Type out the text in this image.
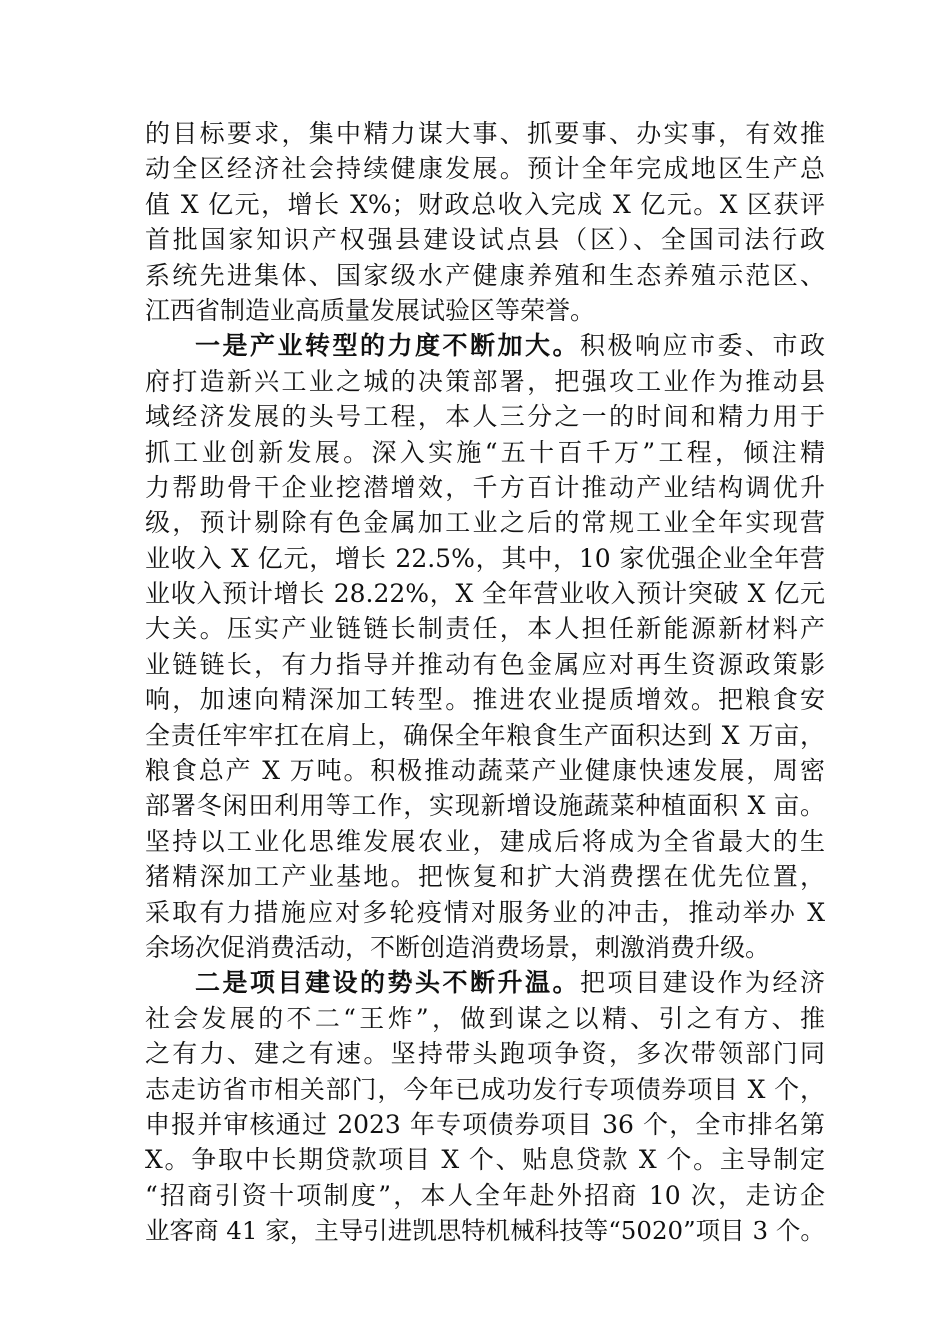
的目标要求，集中精力谋大事、抓要事、办实事，有效推
动全区经济社会持续健康发展。预计全年完成地区生产总
值 X 亿元，增长 X%；财政总收入完成 X 亿元。X 区获评
首批国家知识产权强县建设试点县（区）、全国司法行政
系统先进集体、国家级水产健康养殖和生态养殖示范区、
江西省制造业高质量发展试验区等荣誉。
一是产业转型的力度不断加大。积极响应市委、市政
府打造新兴工业之城的决策部署，把强攻工业作为推动县
域经济发展的头号工程，本人三分之一的时间和精力用于
抓工业创新发展。深入实施“五十百千万”工程，倾注精
力帮助骨干企业挖潜增效，千方百计推动产业结构调优升
级，预计剔除有色金属加工业之后的常规工业全年实现营
业收入 X 亿元，增长 22.5%，其中，10 家优强企业全年营
业收入预计增长 28.22%，X 全年营业收入预计突破 X 亿元
大关。压实产业链链长制责任，本人担任新能源新材料产
业链链长，有力指导并推动有色金属应对再生资源政策影
响，加速向精深加工转型。推进农业提质增效。把粮食安
全责任牢牢扛在肩上，确保全年粮食生产面积达到 X 万亩，
粮食总产 X 万吨。积极推动蔬菜产业健康快速发展，周密
部署冬闲田利用等工作，实现新增设施蔬菜种植面积 X 亩。
坚持以工业化思维发展农业，建成后将成为全省最大的生
猪精深加工产业基地。把恢复和扩大消费摆在优先位置，
采取有力措施应对多轮疫情对服务业的冲击，推动举办 X
余场次促消费活动，不断创造消费场景，刺激消费升级。
二是项目建设的势头不断升温。把项目建设作为经济
社会发展的不二“王炸”，做到谋之以精、引之有方、推
之有力、建之有速。坚持带头跑项争资，多次带领部门同
志走访省市相关部门，今年已成功发行专项债券项目 X 个，
申报并审核通过 2023 年专项债券项目 36 个，全市排名第
X。争取中长期贷款项目 X 个、贴息贷款 X 个。主导制定
“招商引资十项制度”，本人全年赴外招商 10 次，走访企
业客商 41 家，主导引进凯思特机械科技等“5020”项目 3 个。
